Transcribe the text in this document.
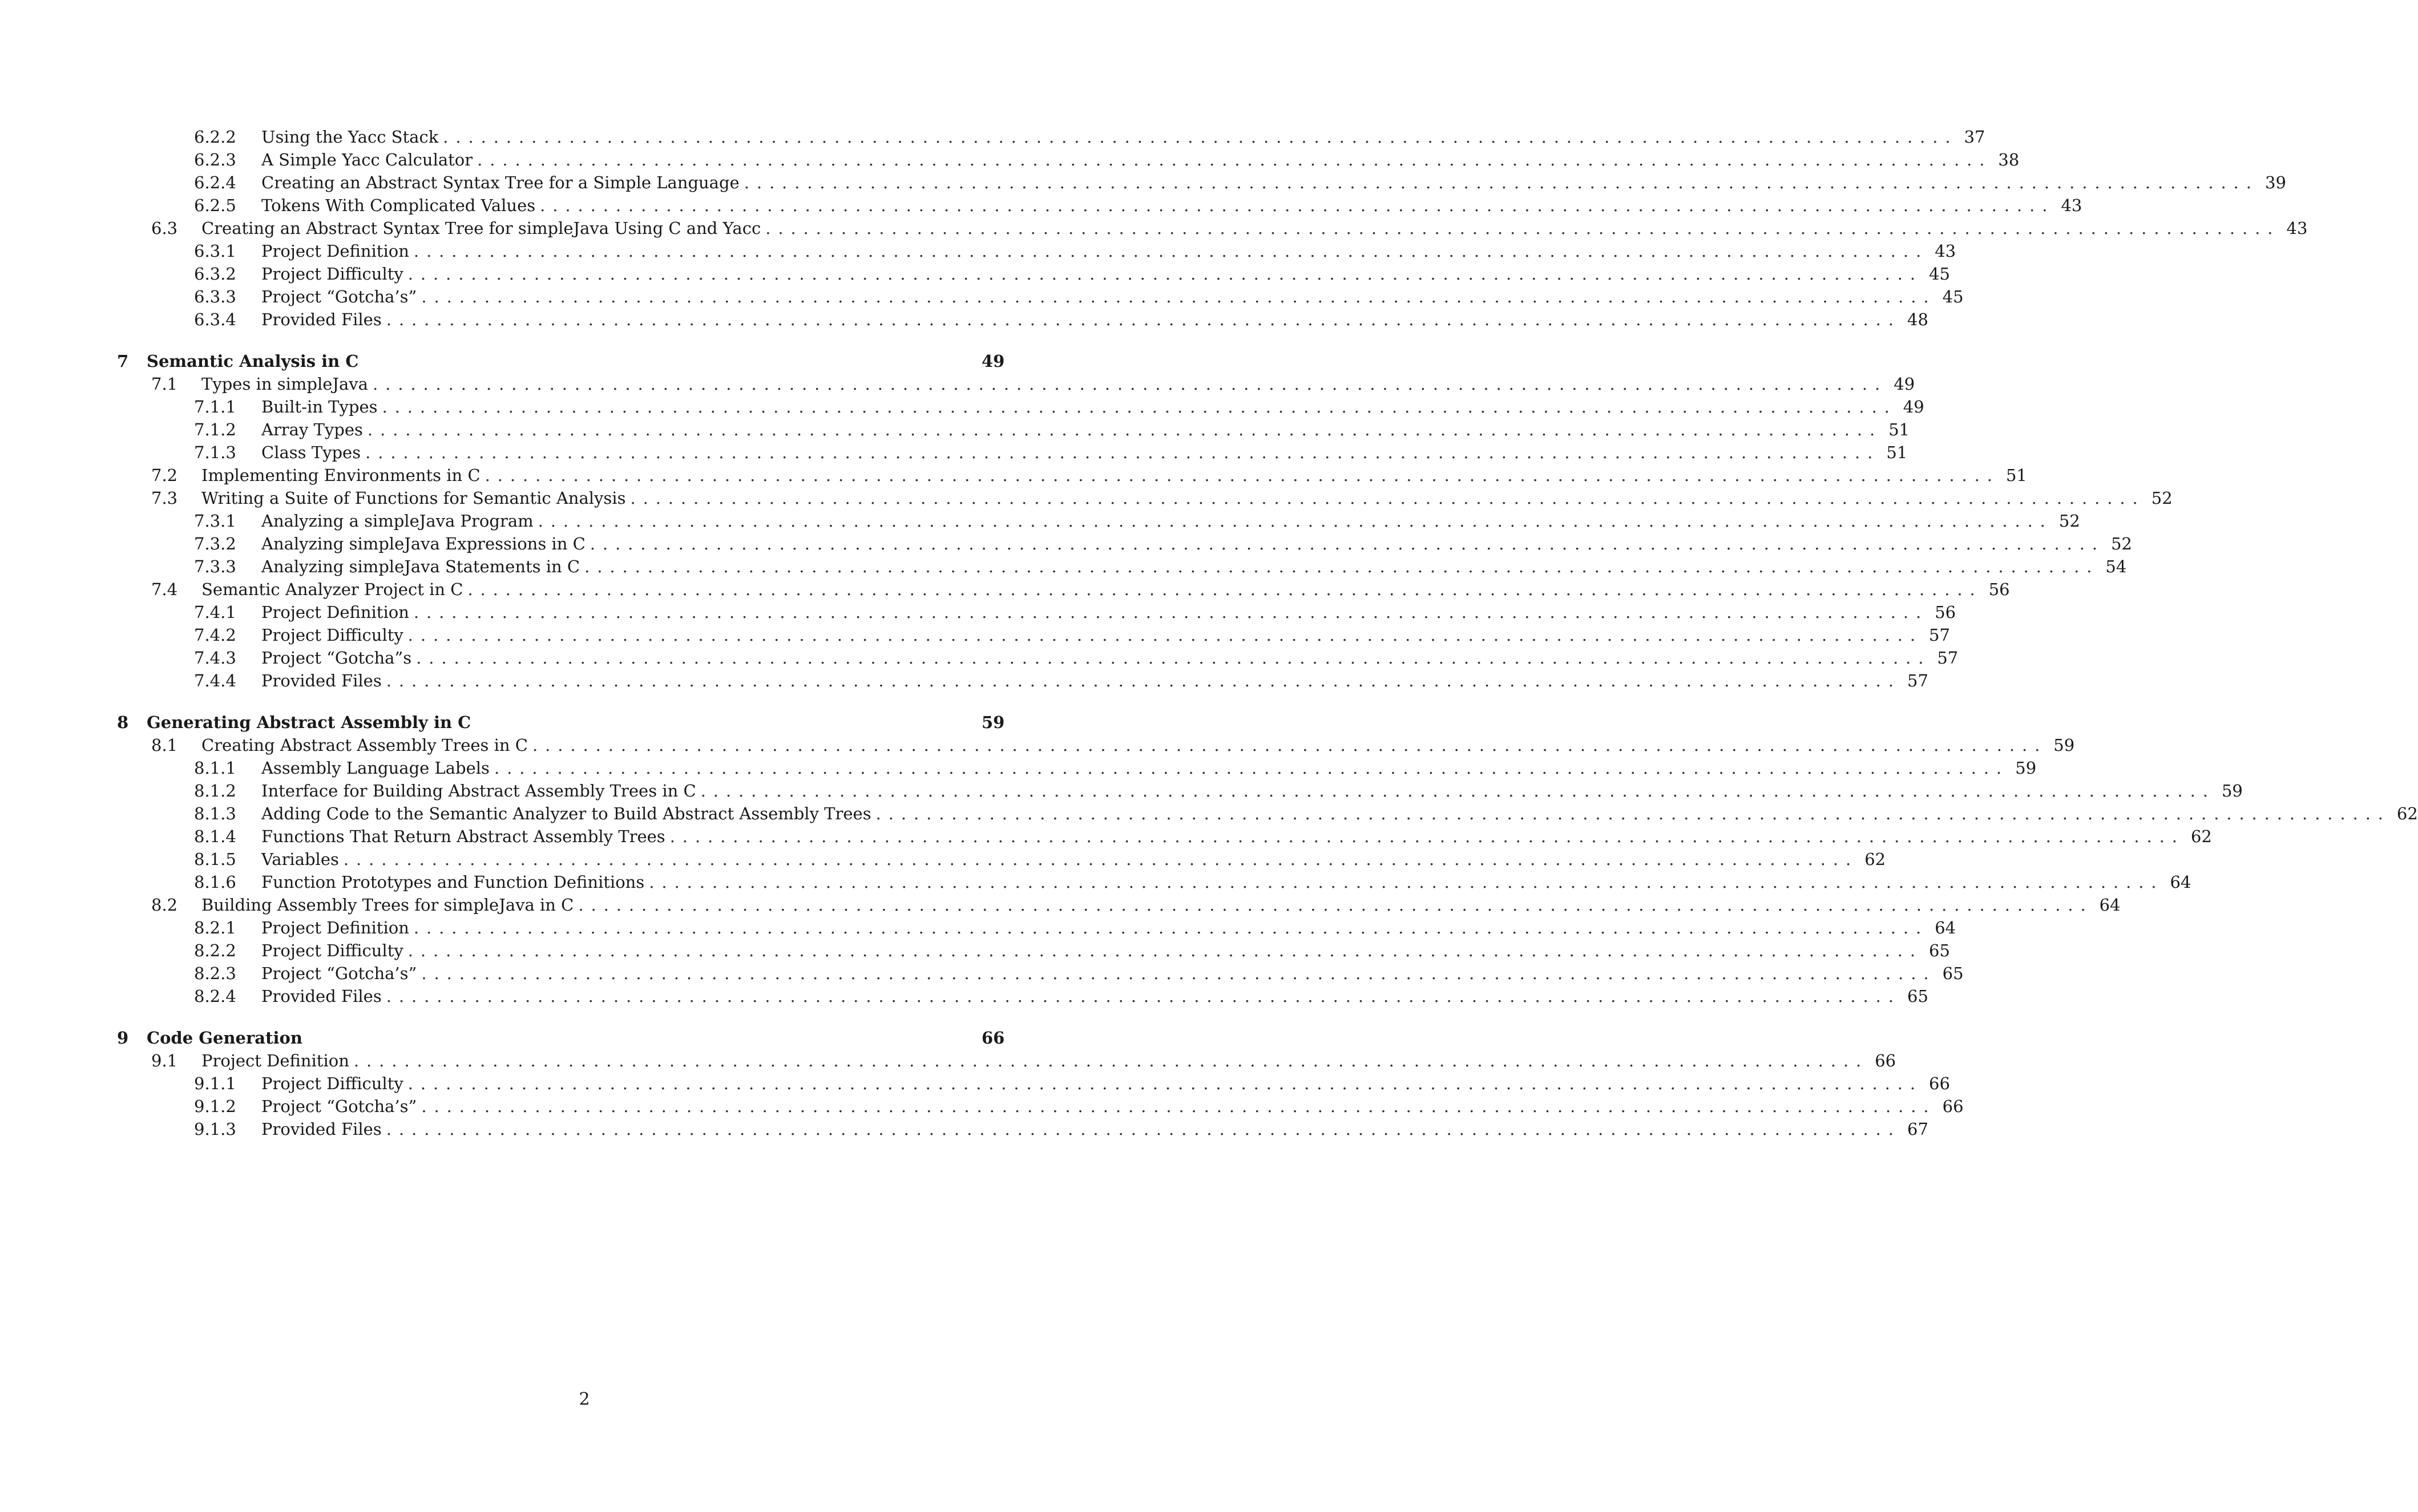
6.2.2	Using the Yacc Stack ........................................................................................................................ 37
6.2.3	A Simple Yacc Calculator ........................................................................................................................ 38
6.2.4	Creating an Abstract Syntax Tree for a Simple Language ........................................................................................................................ 39
6.2.5	Tokens With Complicated Values ........................................................................................................................ 43
6.3	Creating an Abstract Syntax Tree for simpleJava Using C and Yacc ........................................................................................................................ 43
6.3.1	Project Definition ........................................................................................................................ 43
6.3.2	Project Difficulty ........................................................................................................................ 45
6.3.3	Project “Gotcha’s” ........................................................................................................................ 45
6.3.4	Provided Files ........................................................................................................................ 48
7	Semantic Analysis in C	49
7.1	Types in simpleJava ........................................................................................................................ 49
7.1.1	Built-in Types ........................................................................................................................ 49
7.1.2	Array Types ........................................................................................................................ 51
7.1.3	Class Types ........................................................................................................................ 51
7.2	Implementing Environments in C ........................................................................................................................ 51
7.3	Writing a Suite of Functions for Semantic Analysis ........................................................................................................................ 52
7.3.1	Analyzing a simpleJava Program ........................................................................................................................ 52
7.3.2	Analyzing simpleJava Expressions in C ........................................................................................................................ 52
7.3.3	Analyzing simpleJava Statements in C ........................................................................................................................ 54
7.4	Semantic Analyzer Project in C ........................................................................................................................ 56
7.4.1	Project Definition ........................................................................................................................ 56
7.4.2	Project Difficulty ........................................................................................................................ 57
7.4.3	Project “Gotcha”s ........................................................................................................................ 57
7.4.4	Provided Files ........................................................................................................................ 57
8	Generating Abstract Assembly in C	59
8.1	Creating Abstract Assembly Trees in C ........................................................................................................................ 59
8.1.1	Assembly Language Labels ........................................................................................................................ 59
8.1.2	Interface for Building Abstract Assembly Trees in C ........................................................................................................................ 59
8.1.3	Adding Code to the Semantic Analyzer to Build Abstract Assembly Trees ........................................................................................................................ 62
8.1.4	Functions That Return Abstract Assembly Trees ........................................................................................................................ 62
8.1.5	Variables ........................................................................................................................ 62
8.1.6	Function Prototypes and Function Definitions ........................................................................................................................ 64
8.2	Building Assembly Trees for simpleJava in C ........................................................................................................................ 64
8.2.1	Project Definition ........................................................................................................................ 64
8.2.2	Project Difficulty ........................................................................................................................ 65
8.2.3	Project “Gotcha’s” ........................................................................................................................ 65
8.2.4	Provided Files ........................................................................................................................ 65
9	Code Generation	66
9.1	Project Definition ........................................................................................................................ 66
9.1.1	Project Difficulty ........................................................................................................................ 66
9.1.2	Project “Gotcha’s” ........................................................................................................................ 66
9.1.3	Provided Files ........................................................................................................................ 67
2
